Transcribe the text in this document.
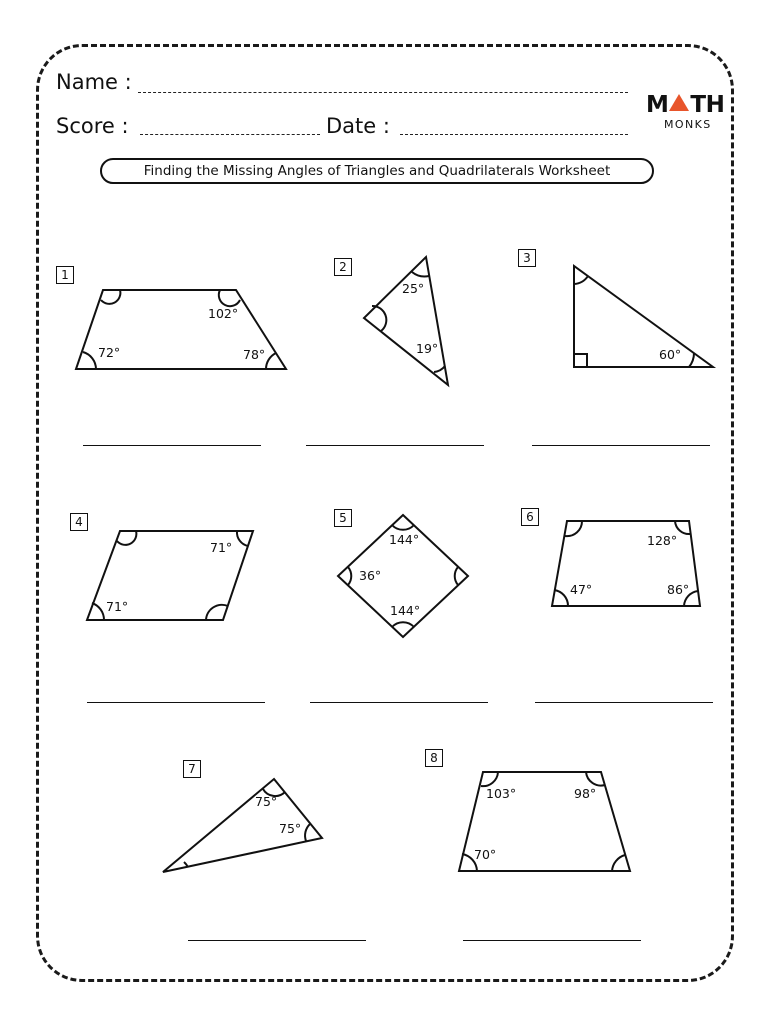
Name :
Score :	Date :
M TH
MONKS
Finding the Missing Angles of Triangles and Quadrilaterals Worksheet
1
2
3
4	5	6
7
8
102°
72°	78°
25°
19°	60°
71°
71°
144°
36°
144°
128°
47°	86°
75°
75°
103°	98°
70°
